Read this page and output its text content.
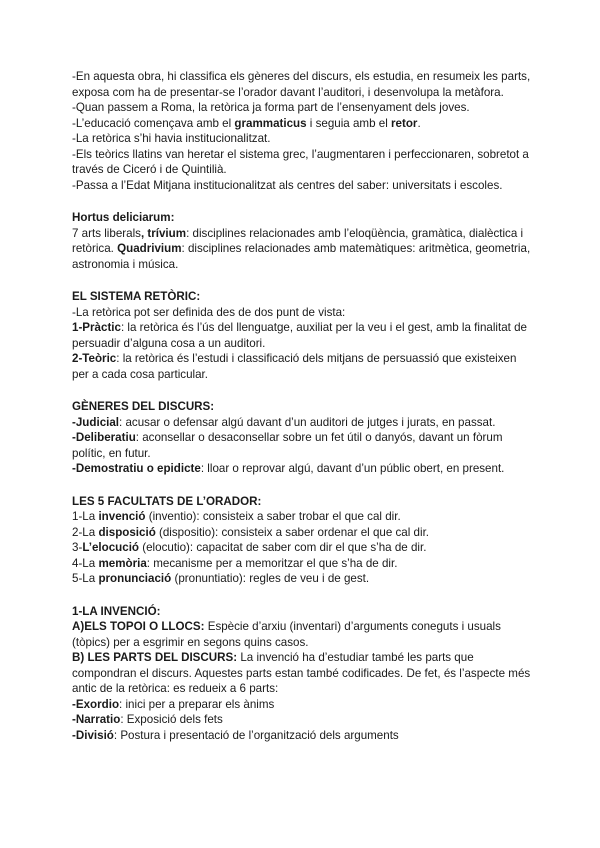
-En aquesta obra, hi classifica els gèneres del discurs, els estudia, en resumeix les parts, exposa com ha de presentar-se l’orador davant l’auditori, i desenvolupa la metàfora.

-Quan passem a Roma, la retòrica ja forma part de l’ensenyament dels joves.

-L’educació començava amb el grammaticus i seguia amb el retor.

-La retòrica s’hi havia institucionalitzat.

-Els teòrics llatins van heretar el sistema grec, l’augmentaren i perfeccionaren, sobretot a través de Ciceró i de Quintilià.

-Passa a l’Edat Mitjana institucionalitzat als centres del saber: universitats i escoles.

Hortus deliciarum:

7 arts liberals, trívium: disciplines relacionades amb l’eloqüència, gramàtica, dialèctica i retòrica. Quadrivium: disciplines relacionades amb matemàtiques: aritmètica, geometria, astronomia i música.

EL SISTEMA RETÒRIC:

-La retòrica pot ser definida des de dos punt de vista:

1-Pràctic: la retòrica és l’ús del llenguatge, auxiliat per la veu i el gest, amb la finalitat de persuadir d’alguna cosa a un auditori.

2-Teòric: la retòrica és l’estudi i classificació dels mitjans de persuassió que existeixen per a cada cosa particular.

GÈNERES DEL DISCURS:

-Judicial: acusar o defensar algú davant d’un auditori de jutges i jurats, en passat.

-Deliberatiu: aconsellar o desaconsellar sobre un fet útil o danyós, davant un fòrum polític, en futur.

-Demostratiu o epidicte: lloar o reprovar algú, davant d’un públic obert, en present.

LES 5 FACULTATS DE L’ORADOR:

1-La invenció (inventio): consisteix a saber trobar el que cal dir.

2-La disposició (dispositio): consisteix a saber ordenar el que cal dir.

3-L’elocució (elocutio): capacitat de saber com dir el que s’ha de dir.

4-La memòria: mecanisme per a memoritzar el que s’ha de dir.

5-La pronunciació (pronuntiatio): regles de veu i de gest.

1-LA INVENCIÓ:

A)ELS TOPOI O LLOCS: Espècie d’arxiu (inventari) d’arguments coneguts i usuals (tòpics) per a esgrimir en segons quins casos.

B) LES PARTS DEL DISCURS: La invenció ha d’estudiar també les parts que compondran el discurs. Aquestes parts estan també codificades. De fet, és l’aspecte més antic de la retòrica: es redueix a 6 parts:

-Exordio: inici per a preparar els ànims

-Narratio: Exposició dels fets

-Divisió: Postura i presentació de l’organització dels arguments
